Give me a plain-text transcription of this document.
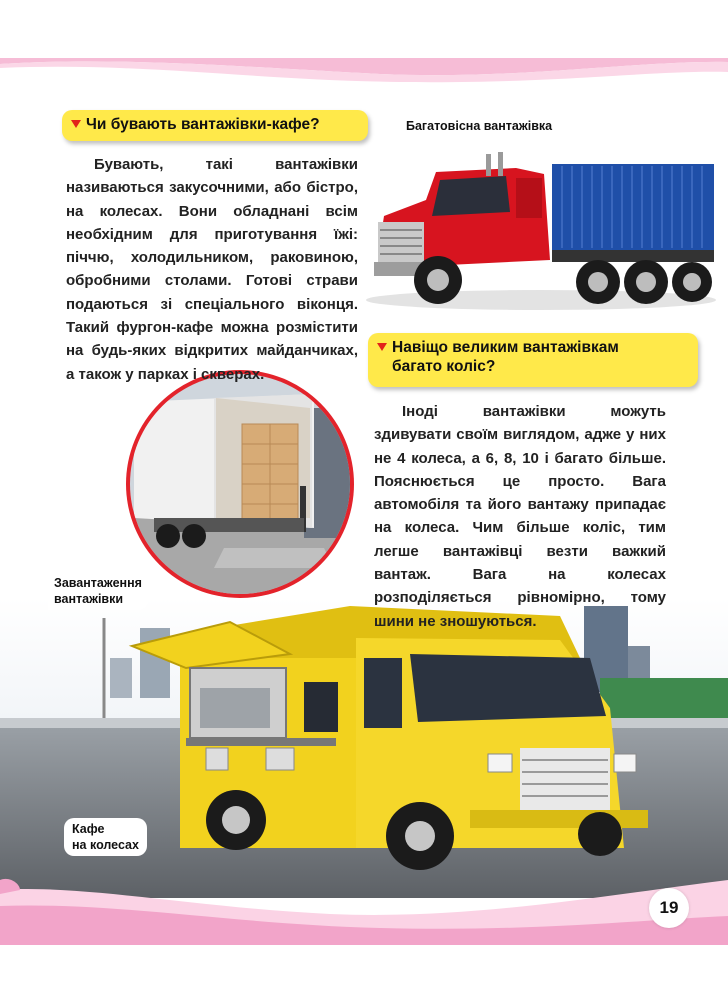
Чи бувають вантажівки-кафе?
Бувають, такі вантажівки називаються закусочними, або бістро, на колесах. Вони обладнані всім необхідним для приготування їжі: піччю, холодильником, раковиною, обробними столами. Готові страви подаються зі спеціального віконця. Такий фургон-кафе можна розмістити на будь-яких відкритих майданчиках, а також у парках і скверах.
Багатовісна вантажівка
Навіщо великим вантажівкам
багато коліс?
Іноді вантажівки можуть здивувати своїм виглядом, адже у них не 4 колеса, а 6, 8, 10 і багато більше. Пояснюється це просто. Вага автомобіля та його вантажу припадає на колеса. Чим більше коліс, тим легше вантажівці везти важкий вантаж. Вага на колесах розподіляється рівномірно, тому шини не зношуються.
Завантаження
вантажівки
Кафе
на колесах
19
